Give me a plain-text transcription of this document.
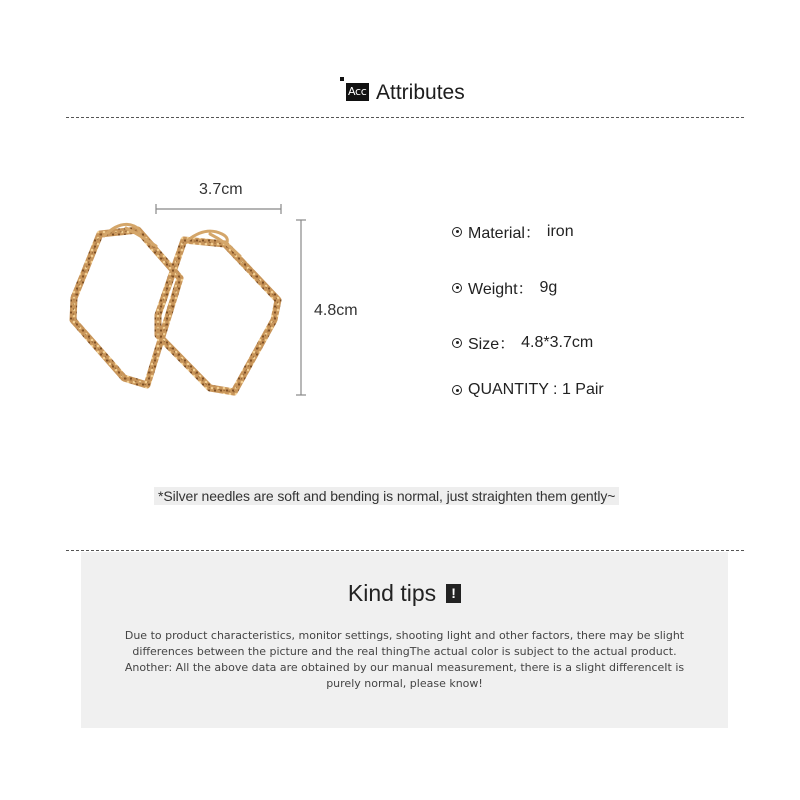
Acc Attributes
3.7cm
4.8cm
Material： iron
Weight： 9g
Size： 4.8*3.7cm
QUANTITY : 1 Pair
*Silver needles are soft and bending is normal, just straighten them gently~
Kind tips	!
Due to product characteristics, monitor settings, shooting light and other factors, there may be slight
differences between the picture and the real thingThe actual color is subject to the actual product.
Another: All the above data are obtained by our manual measurement, there is a slight differenceIt is
purely normal, please know!
